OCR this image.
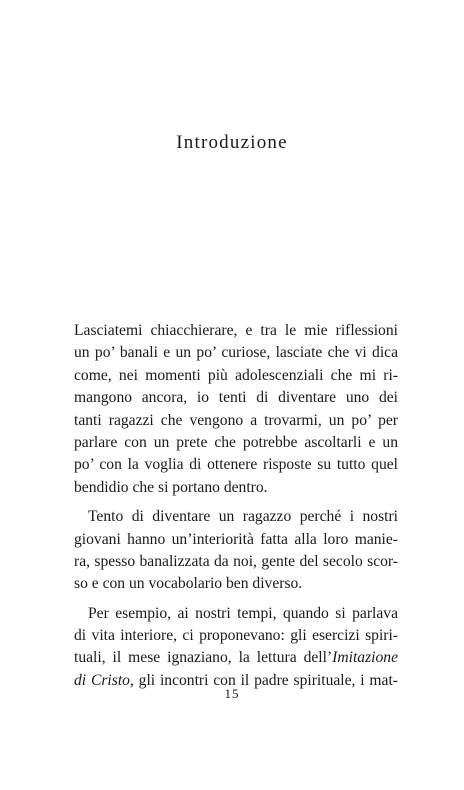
Introduzione
Lasciatemi chiacchierare, e tra le mie riflessioni
un po’ banali e un po’ curiose, lasciate che vi dica
come, nei momenti più adolescenziali che mi ri-
mangono ancora, io tenti di diventare uno dei
tanti ragazzi che vengono a trovarmi, un po’ per
parlare con un prete che potrebbe ascoltarli e un
po’ con la voglia di ottenere risposte su tutto quel
bendidio che si portano dentro.
Tento di diventare un ragazzo perché i nostri
giovani hanno un’interiorità fatta alla loro manie-
ra, spesso banalizzata da noi, gente del secolo scor-
so e con un vocabolario ben diverso.
Per esempio, ai nostri tempi, quando si parlava
di vita interiore, ci proponevano: gli esercizi spiri-
tuali, il mese ignaziano, la lettura dell’Imitazione
di Cristo, gli incontri con il padre spirituale, i mat-
15
